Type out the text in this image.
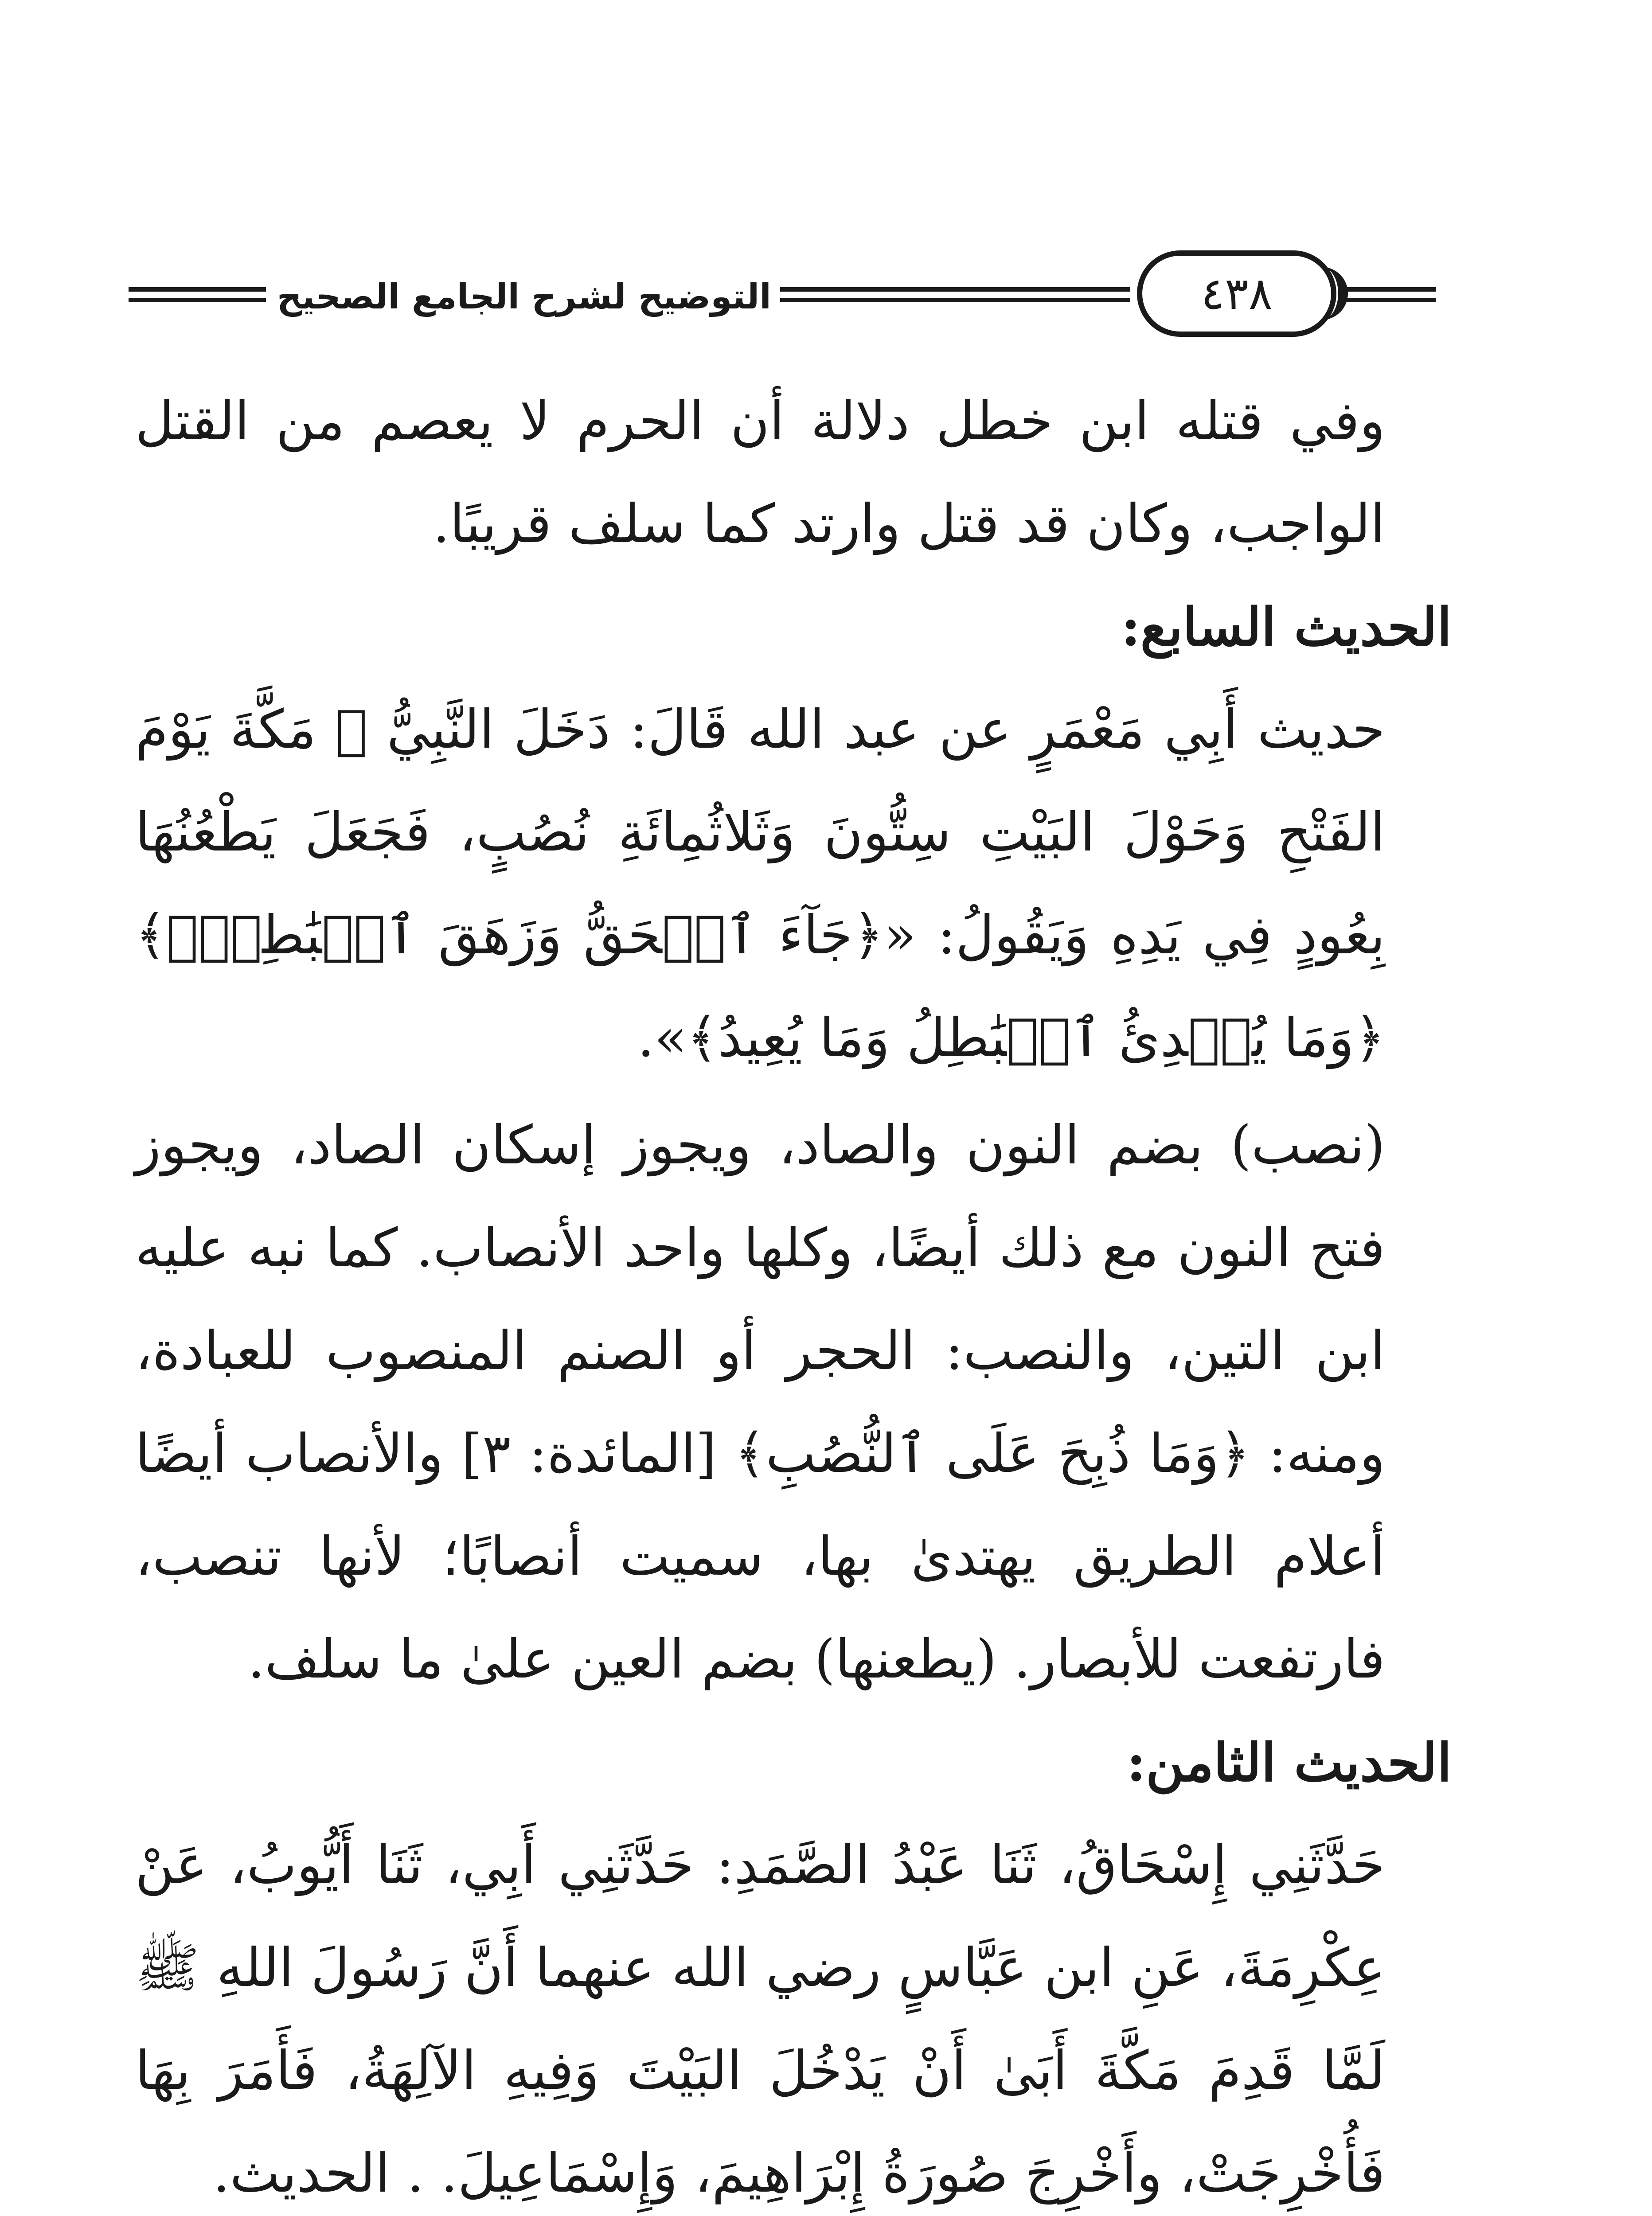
التوضيح لشرح الجامع الصحيح	٤٣٨

وفي قتله ابن خطل دلالة أن الحرم لا يعصم من القتل الواجب، وكان قد قتل وارتد كما سلف قريبًا.

الحديث السابع:

حديث أَبِي مَعْمَرٍ عن عبد الله قَالَ: دَخَلَ النَّبِيُّ ﷺ مَكَّةَ يَوْمَ الفَتْحِ وَحَوْلَ البَيْتِ سِتُّونَ وَثَلاثُمِائَةِ نُصُبٍ، فَجَعَلَ يَطْعُنُهَا بِعُودٍ فِي يَدِهِ وَيَقُولُ: «﴿جَآءَ ٱلۡحَقُّ وَزَهَقَ ٱلۡبَٰطِلُۚ﴾ ﴿وَمَا يُبۡدِئُ ٱلۡبَٰطِلُ وَمَا يُعِيدُ﴾».

(نصب) بضم النون والصاد، ويجوز إسكان الصاد، ويجوز فتح النون مع ذلك أيضًا، وكلها واحد الأنصاب. كما نبه عليه ابن التين، والنصب: الحجر أو الصنم المنصوب للعبادة، ومنه: ﴿وَمَا ذُبِحَ عَلَى ٱلنُّصُبِ﴾ [المائدة: ٣] والأنصاب أيضًا أعلام الطريق يهتدىٰ بها، سميت أنصابًا؛ لأنها تنصب، فارتفعت للأبصار. (يطعنها) بضم العين علىٰ ما سلف.

الحديث الثامن:

حَدَّثَنِي إِسْحَاقُ، ثَنَا عَبْدُ الصَّمَدِ: حَدَّثَنِي أَبِي، ثَنَا أَيُّوبُ، عَنْ عِكْرِمَةَ، عَنِ ابن عَبَّاسٍ رضي الله عنهما أَنَّ رَسُولَ اللهِ ﷺ لَمَّا قَدِمَ مَكَّةَ أَبَىٰ أَنْ يَدْخُلَ البَيْتَ وَفِيهِ الآلِهَةُ، فَأَمَرَ بِهَا فَأُخْرِجَتْ، وأَخْرِجَ صُورَةُ إِبْرَاهِيمَ، وَإِسْمَاعِيلَ. . الحديث.
